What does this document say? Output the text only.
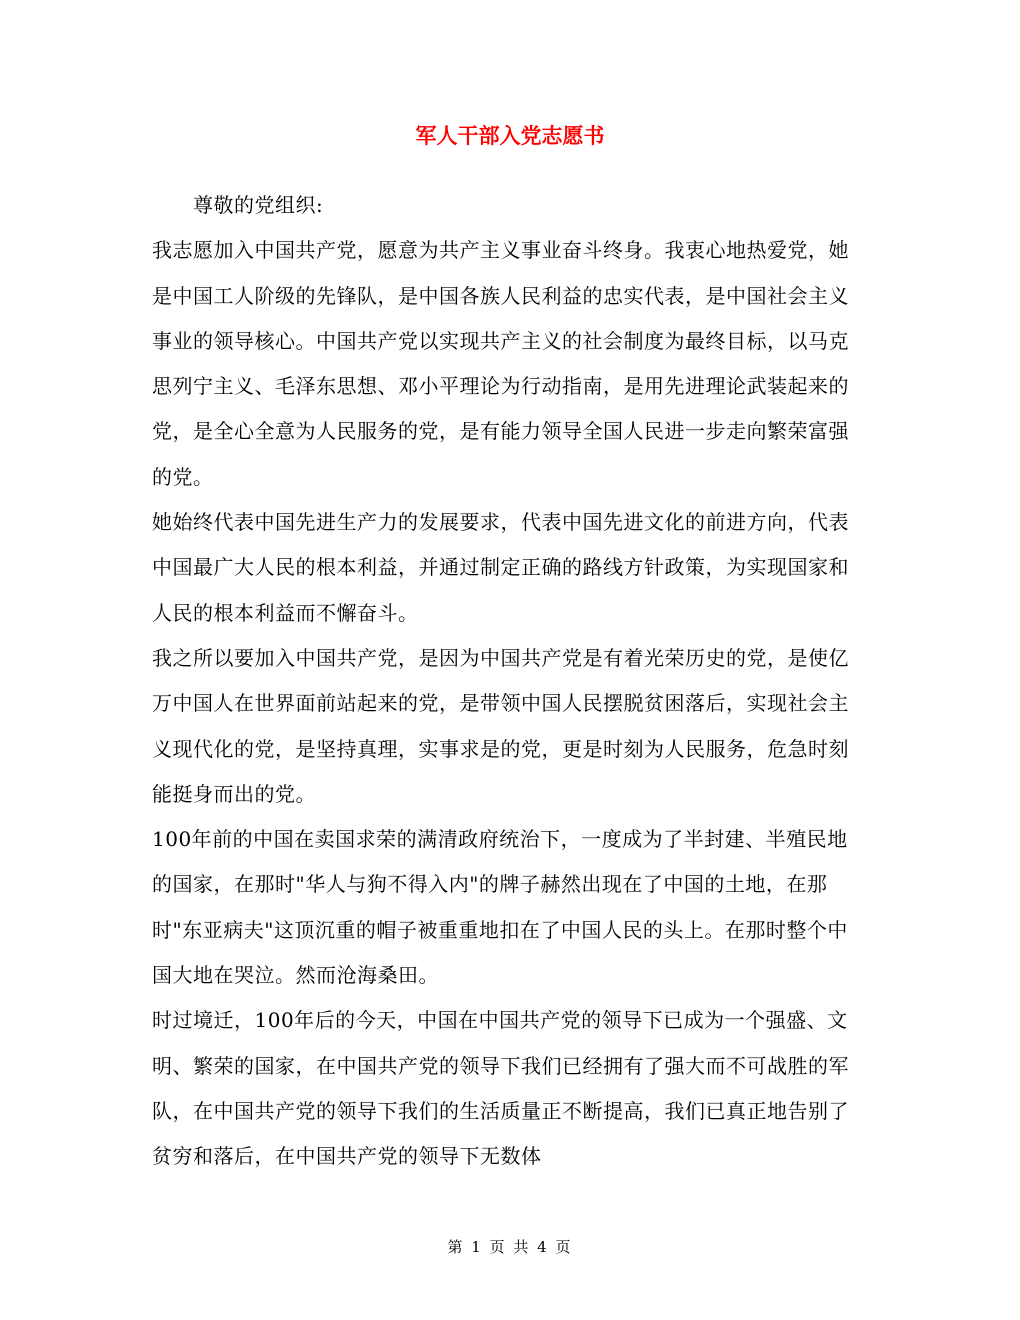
军人干部入党志愿书

尊敬的党组织:

我志愿加入中国共产党，愿意为共产主义事业奋斗终身。我衷心地热爱党，她是中国工人阶级的先锋队，是中国各族人民利益的忠实代表，是中国社会主义事业的领导核心。中国共产党以实现共产主义的社会制度为最终目标，以马克思列宁主义、毛泽东思想、邓小平理论为行动指南，是用先进理论武装起来的党，是全心全意为人民服务的党，是有能力领导全国人民进一步走向繁荣富强的党。

她始终代表中国先进生产力的发展要求，代表中国先进文化的前进方向，代表中国最广大人民的根本利益，并通过制定正确的路线方针政策，为实现国家和人民的根本利益而不懈奋斗。

我之所以要加入中国共产党，是因为中国共产党是有着光荣历史的党，是使亿万中国人在世界面前站起来的党，是带领中国人民摆脱贫困落后，实现社会主义现代化的党，是坚持真理，实事求是的党，更是时刻为人民服务，危急时刻能挺身而出的党。

100年前的中国在卖国求荣的满清政府统治下，一度成为了半封建、半殖民地的国家，在那时"华人与狗不得入内"的牌子赫然出现在了中国的土地，在那时"东亚病夫"这顶沉重的帽子被重重地扣在了中国人民的头上。在那时整个中国大地在哭泣。然而沧海桑田。

时过境迁，100年后的今天，中国在中国共产党的领导下已成为一个强盛、文明、繁荣的国家，在中国共产党的领导下我们已经拥有了强大而不可战胜的军队，在中国共产党的领导下我们的生活质量正不断提高，我们已真正地告别了贫穷和落后，在中国共产党的领导下无数体

第 1 页 共 4 页
